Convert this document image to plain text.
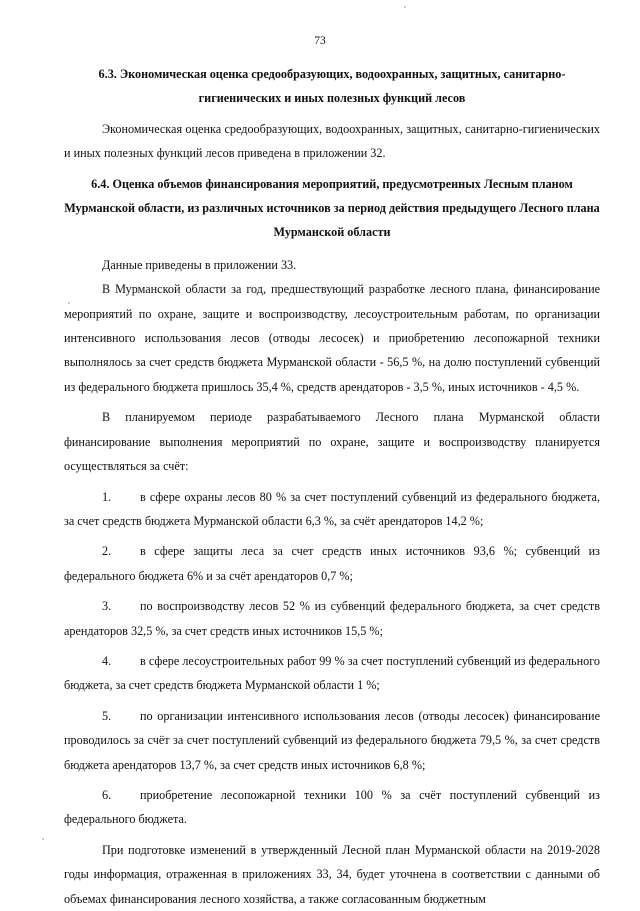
73

6.3. Экономическая оценка средообразующих, водоохранных, защитных, санитарно-гигиенических и иных полезных функций лесов

Экономическая оценка средообразующих, водоохранных, защитных, санитарно-гигиенических и иных полезных функций лесов приведена в приложении 32.

6.4. Оценка объемов финансирования мероприятий, предусмотренных Лесным планом Мурманской области, из различных источников за период действия предыдущего Лесного плана Мурманской области

Данные приведены в приложении 33.

В Мурманской области за год, предшествующий разработке лесного плана, финансирование мероприятий по охране, защите и воспроизводству, лесоустроительным работам, по организации интенсивного использования лесов (отводы лесосек) и приобретению лесопожарной техники выполнялось за счет средств бюджета Мурманской области - 56,5 %, на долю поступлений субвенций из федерального бюджета пришлось 35,4 %, средств арендаторов - 3,5 %, иных источников - 4,5 %.

В планируемом периоде разрабатываемого Лесного плана Мурманской области финансирование выполнения мероприятий по охране, защите и воспроизводству планируется осуществляться за счёт:

1. в сфере охраны лесов 80 % за счет поступлений субвенций из федерального бюджета, за счет средств бюджета Мурманской области 6,3 %, за счёт арендаторов 14,2 %;

2. в сфере защиты леса за счет средств иных источников 93,6 %; субвенций из федерального бюджета 6% и за счёт арендаторов 0,7 %;

3. по воспроизводству лесов 52 % из субвенций федерального бюджета, за счет средств арендаторов 32,5 %, за счет средств иных источников 15,5 %;

4. в сфере лесоустроительных работ 99 % за счет поступлений субвенций из федерального бюджета, за счет средств бюджета Мурманской области 1 %;

5. по организации интенсивного использования лесов (отводы лесосек) финансирование проводилось за счёт за счет поступлений субвенций из федерального бюджета 79,5 %, за счет средств бюджета арендаторов 13,7 %, за счет средств иных источников 6,8 %;

6. приобретение лесопожарной техники 100 % за счёт поступлений субвенций из федерального бюджета.

При подготовке изменений в утвержденный Лесной план Мурманской области на 2019-2028 годы информация, отраженная в приложениях 33, 34, будет уточнена в соответствии с данными об объемах финансирования лесного хозяйства, а также согласованным бюджетным
